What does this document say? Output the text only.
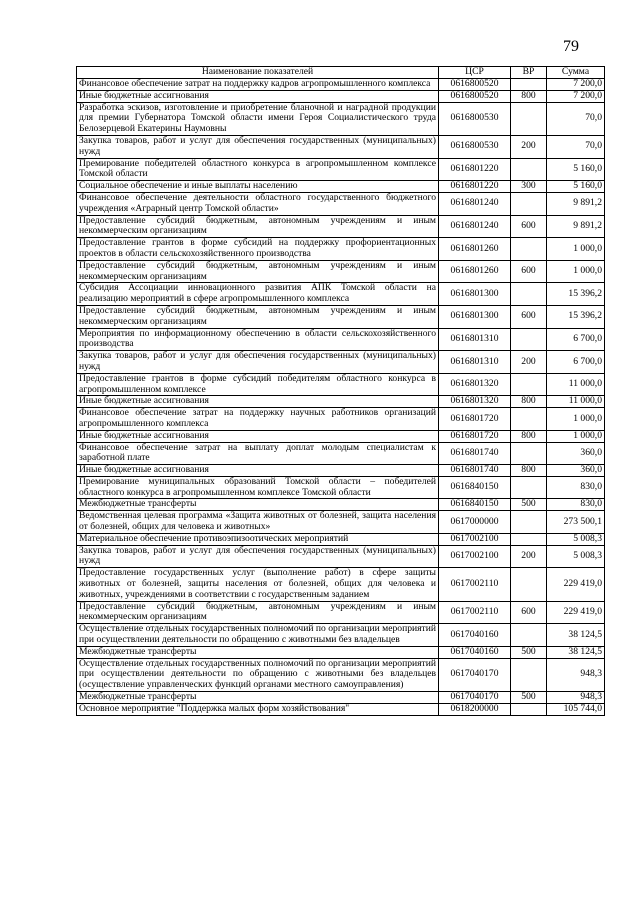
79
Наименование показателей	ЦСР	ВР	Сумма
Финансовое обеспечение затрат на поддержку кадров агропромышленного комплекса	0616800520		7 200,0
Иные бюджетные ассигнования	0616800520	800	7 200,0
Разработка эскизов, изготовление и приобретение бланочной и наградной продукции для премии Губернатора Томской области имени Героя Социалистического труда Белозерцевой Екатерины Наумовны	0616800530		70,0
Закупка товаров, работ и услуг для обеспечения государственных (муниципальных) нужд	0616800530	200	70,0
Премирование победителей областного конкурса в агропромышленном комплексе Томской области	0616801220		5 160,0
Социальное обеспечение и иные выплаты населению	0616801220	300	5 160,0
Финансовое обеспечение деятельности областного государственного бюджетного учреждения «Аграрный центр Томской области»	0616801240		9 891,2
Предоставление субсидий бюджетным, автономным учреждениям и иным некоммерческим организациям	0616801240	600	9 891,2
Предоставление грантов в форме субсидий на поддержку профориентационных проектов в области сельскохозяйственного производства	0616801260		1 000,0
Предоставление субсидий бюджетным, автономным учреждениям и иным некоммерческим организациям	0616801260	600	1 000,0
Субсидия Ассоциации инновационного развития АПК Томской области на реализацию мероприятий в сфере агропромышленного комплекса	0616801300		15 396,2
Предоставление субсидий бюджетным, автономным учреждениям и иным некоммерческим организациям	0616801300	600	15 396,2
Мероприятия по информационному обеспечению в области сельскохозяйственного производства	0616801310		6 700,0
Закупка товаров, работ и услуг для обеспечения государственных (муниципальных) нужд	0616801310	200	6 700,0
Предоставление грантов в форме субсидий победителям областного конкурса в агропромышленном комплексе	0616801320		11 000,0
Иные бюджетные ассигнования	0616801320	800	11 000,0
Финансовое обеспечение затрат на поддержку научных работников организаций агропромышленного комплекса	0616801720		1 000,0
Иные бюджетные ассигнования	0616801720	800	1 000,0
Финансовое обеспечение затрат на выплату доплат молодым специалистам к заработной плате	0616801740		360,0
Иные бюджетные ассигнования	0616801740	800	360,0
Премирование муниципальных образований Томской области – победителей областного конкурса в агропромышленном комплексе Томской области	0616840150		830,0
Межбюджетные трансферты	0616840150	500	830,0
Ведомственная целевая программа «Защита животных от болезней, защита населения от болезней, общих для человека и животных»	0617000000		273 500,1
Материальное обеспечение противоэпизоотических мероприятий	0617002100		5 008,3
Закупка товаров, работ и услуг для обеспечения государственных (муниципальных) нужд	0617002100	200	5 008,3
Предоставление государственных услуг (выполнение работ) в сфере защиты животных от болезней, защиты населения от болезней, общих для человека и животных, учреждениями в соответствии с государственным заданием	0617002110		229 419,0
Предоставление субсидий бюджетным, автономным учреждениям и иным некоммерческим организациям	0617002110	600	229 419,0
Осуществление отдельных государственных полномочий по организации мероприятий при осуществлении деятельности по обращению с животными без владельцев	0617040160		38 124,5
Межбюджетные трансферты	0617040160	500	38 124,5
Осуществление отдельных государственных полномочий по организации мероприятий при осуществлении деятельности по обращению с животными без владельцев (осуществление управленческих функций органами местного самоуправления)	0617040170		948,3
Межбюджетные трансферты	0617040170	500	948,3
Основное мероприятие "Поддержка малых форм хозяйствования"	0618200000		105 744,0
